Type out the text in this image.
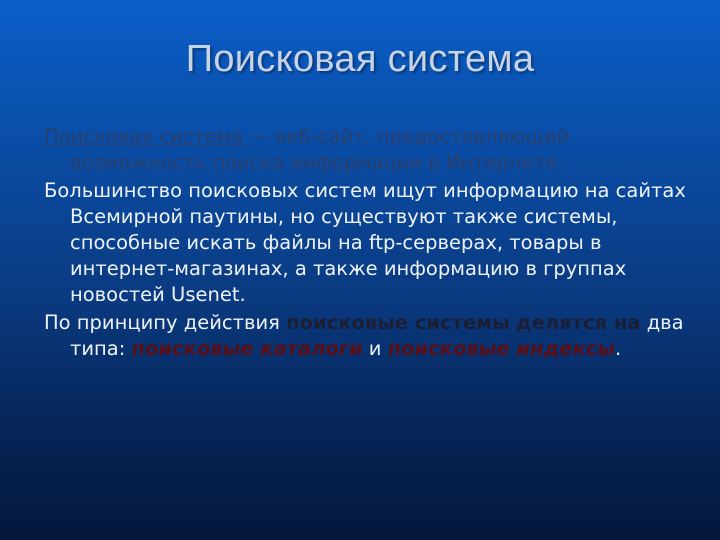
Поисковая система

Поисковая система — веб-сайт, предоставляющий возможность поиска информации в Интернете.

Большинство поисковых систем ищут информацию на сайтах Всемирной паутины, но существуют также системы, способные искать файлы на ftp-серверах, товары в интернет-магазинах, а также информацию в группах новостей Usenet.

По принципу действия поисковые системы делятся на два типа: поисковые каталоги и поисковые индексы.
